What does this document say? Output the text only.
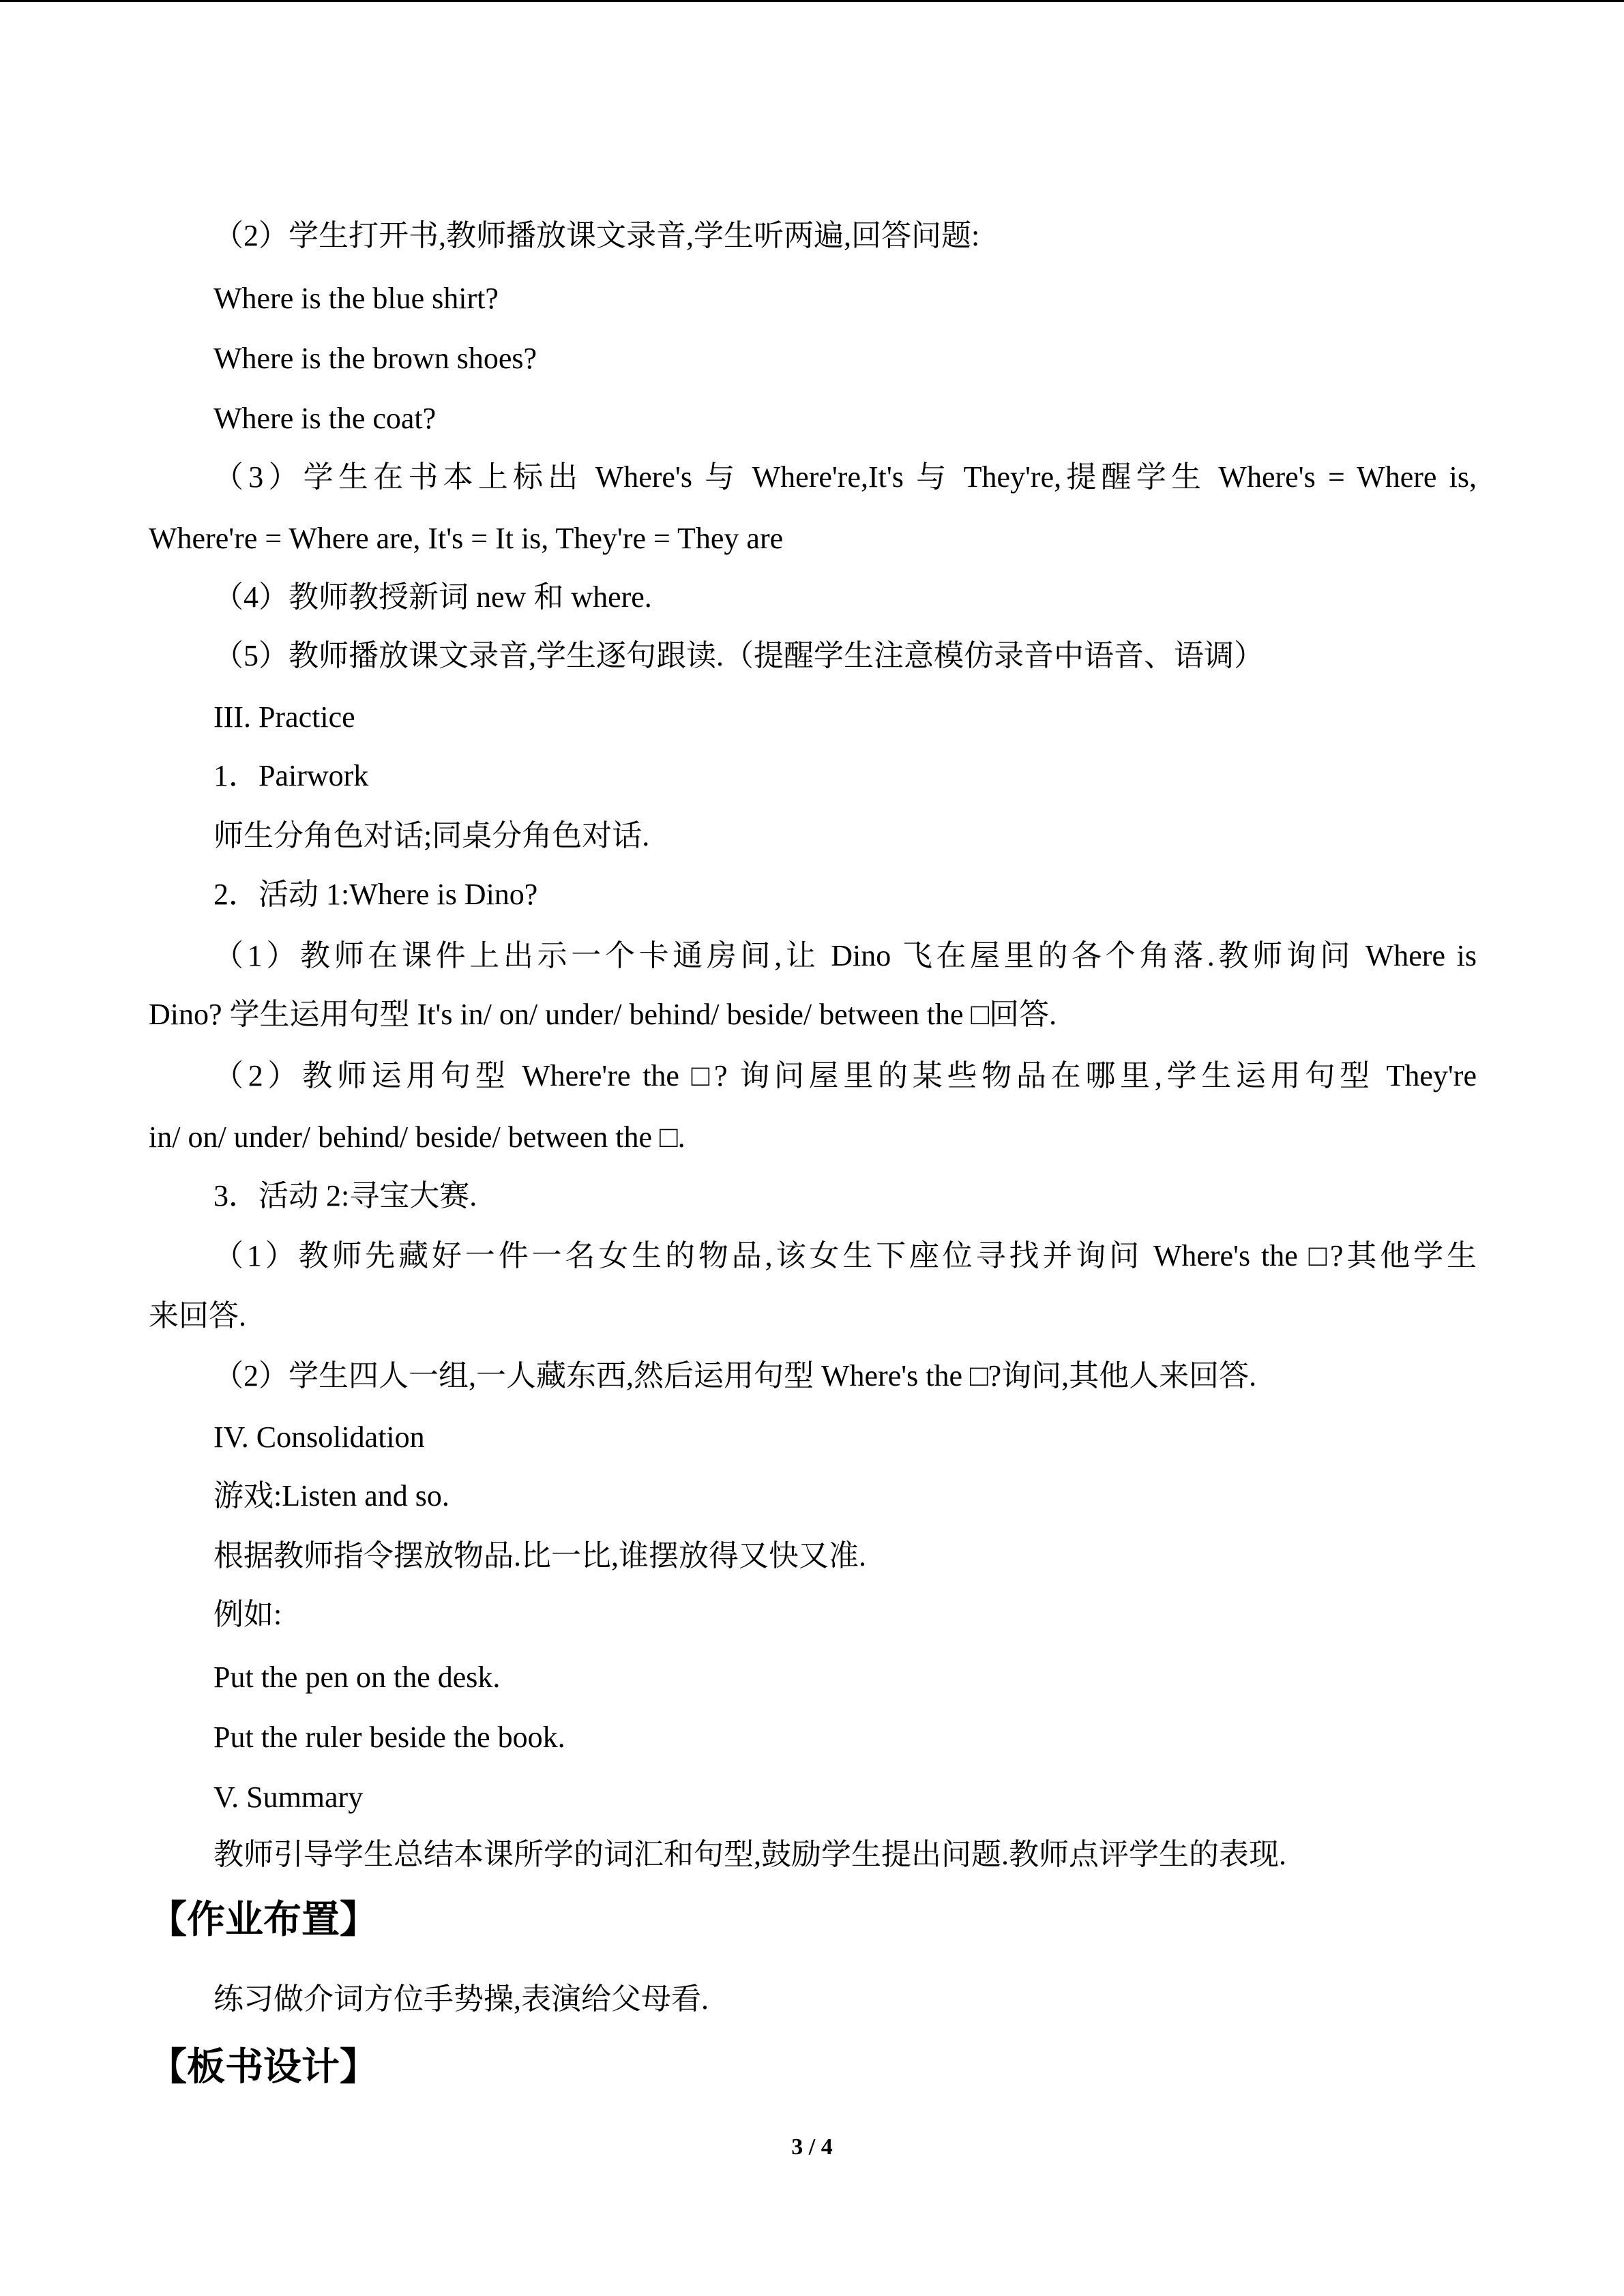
（2）学生打开书,教师播放课文录音,学生听两遍,回答问题:

Where is the blue shirt?

Where is the brown shoes?

Where is the coat?

（3）学生在书本上标出 Where's 与 Where're,It's 与 They're,提醒学生 Where's = Where is,

Where're = Where are, It's = It is, They're = They are

（4）教师教授新词 new 和 where.

（5）教师播放课文录音,学生逐句跟读.（提醒学生注意模仿录音中语音、语调）

III. Practice

1．Pairwork

师生分角色对话;同桌分角色对话.

2．活动 1:Where is Dino?

（1）教师在课件上出示一个卡通房间,让 Dino 飞在屋里的各个角落.教师询问 Where is

Dino? 学生运用句型 It's in/ on/ under/ behind/ beside/ between the □回答.

（2）教师运用句型 Where're the □? 询问屋里的某些物品在哪里,学生运用句型 They're

in/ on/ under/ behind/ beside/ between the □.

3．活动 2:寻宝大赛.

（1）教师先藏好一件一名女生的物品,该女生下座位寻找并询问 Where's the □?其他学生

来回答.

（2）学生四人一组,一人藏东西,然后运用句型 Where's the □?询问,其他人来回答.

IV. Consolidation

游戏:Listen and so.

根据教师指令摆放物品.比一比,谁摆放得又快又准.

例如:

Put the pen on the desk.

Put the ruler beside the book.

V. Summary

教师引导学生总结本课所学的词汇和句型,鼓励学生提出问题.教师点评学生的表现.

【作业布置】

练习做介词方位手势操,表演给父母看.

【板书设计】

3 / 4
